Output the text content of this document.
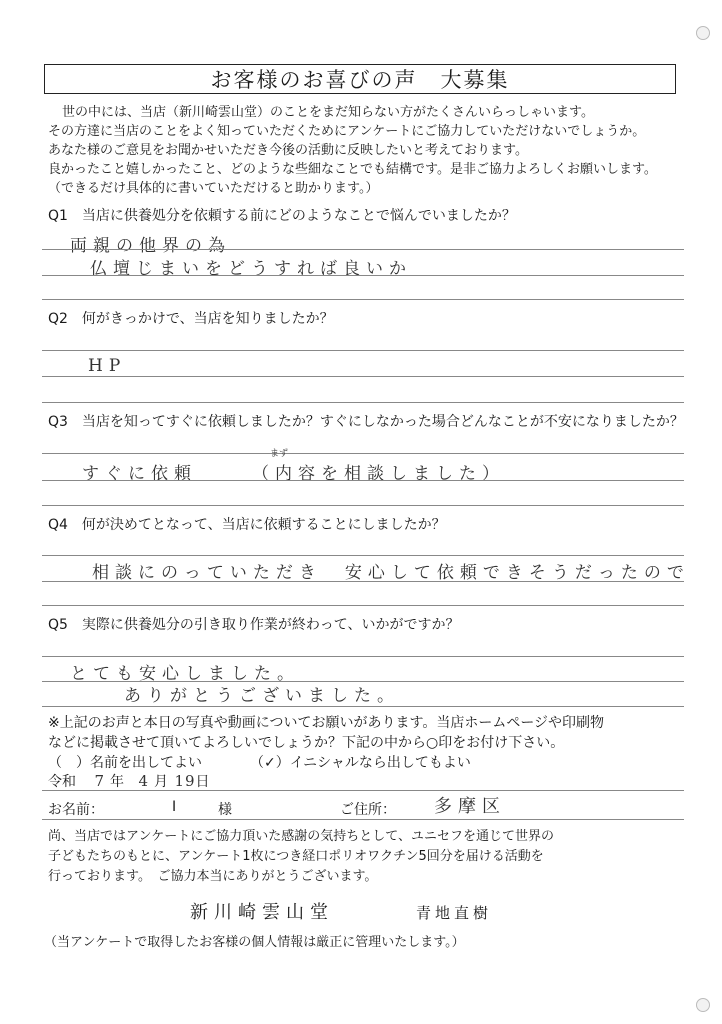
お客様のお喜びの声　大募集
世の中には、当店（新川崎雲山堂）のことをまだ知らない方がたくさんいらっしゃいます。
その方達に当店のことをよく知っていただくためにアンケートにご協力していただけないでしょうか。
あなた様のご意見をお聞かせいただき今後の活動に反映したいと考えております。
良かったこと嬉しかったこと、どのような些細なことでも結構です。是非ご協力よろしくお願いします。
（できるだけ具体的に書いていただけると助かります。）
Q1　当店に供養処分を依頼する前にどのようなことで悩んでいましたか？
両親の他界の為
仏壇じまいをどうすれば良いか
Q2　何がきっかけで、当店を知りましたか？
HP
Q3　当店を知ってすぐに依頼しましたか？すぐにしなかった場合どんなことが不安になりましたか？
まず
すぐに依頼	（内容を相談しました）
Q4　何が決めてとなって、当店に依頼することにしましたか？
相談にのっていただき　安心して依頼できそうだったので
Q5　実際に供養処分の引き取り作業が終わって、いかがですか？
とても安心しました。
ありがとうございました。
※上記のお声と本日の写真や動画についてお願いがあります。当店ホームページや印刷物
などに掲載させて頂いてよろしいでしょうか？下記の中から○印をお付け下さい。
（　）名前を出してよい	（✓）イニシャルなら出してもよい
令和 7年 4月 19日
お名前：	I	様	ご住所： 多摩区
尚、当店ではアンケートにご協力頂いた感謝の気持ちとして、ユニセフを通じて世界の
子どもたちのもとに、アンケート1枚につき経口ポリオワクチン5回分を届ける活動を
行っております。　ご協力本当にありがとうございます。
新川崎雲山堂	青地直樹
（当アンケートで取得したお客様の個人情報は厳正に管理いたします。）
